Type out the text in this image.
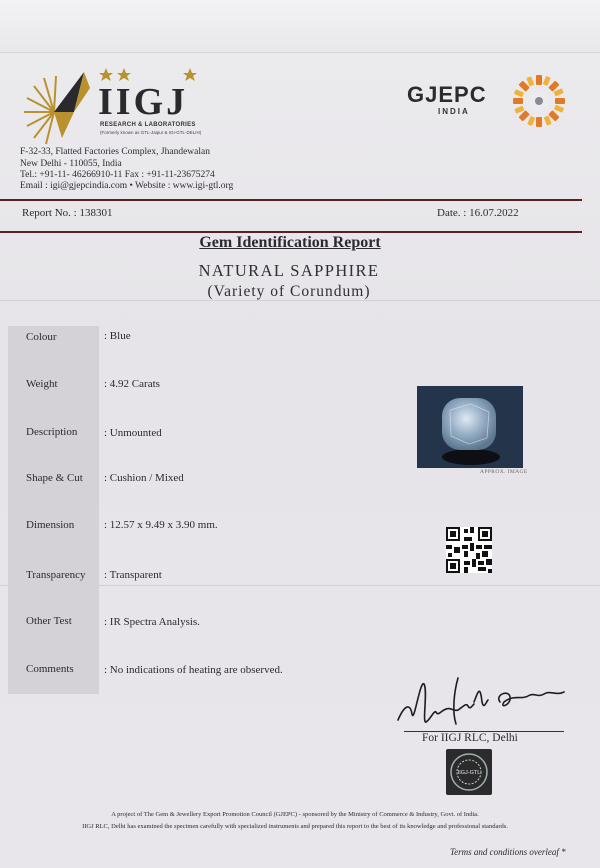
IIGJ
RESEARCH & LABORATORIES
(Formerly known as GTL-Jaipur & IGI-GTL-DELHI)
GJEPC
INDIA
F-32-33, Flatted Factories Complex, Jhandewalan
New Delhi - 110055, India
Tel.: +91-11- 46266910-11 Fax : +91-11-23675274
Email : igi@gjepcindia.com • Website : www.igi-gtl.org
Report No. : 138301	Date. : 16.07.2022
Gem Identification Report
NATURAL SAPPHIRE
(Variety of Corundum)
Colour	: Blue
Weight	: 4.92 Carats
Description : Unmounted
Shape & Cut : Cushion / Mixed
Dimension	: 12.57 x 9.49 x 3.90 mm.
Transparency : Transparent
Other Test	: IR Spectra Analysis.
Comments	: No indications of heating are observed.
APPROX. IMAGE
For IIGJ RLC, Delhi
IIGJ-GTL
A project of The Gem & Jewellery Export Promotion Council (GJEPC) - sponsored by the Ministry of Commerce & Industry, Govt. of India.
IIGJ RLC, Delhi has examined the specimen carefully with specialized instruments and prepared this report to the best of its knowledge and professional standards.
Terms and conditions overleaf *
